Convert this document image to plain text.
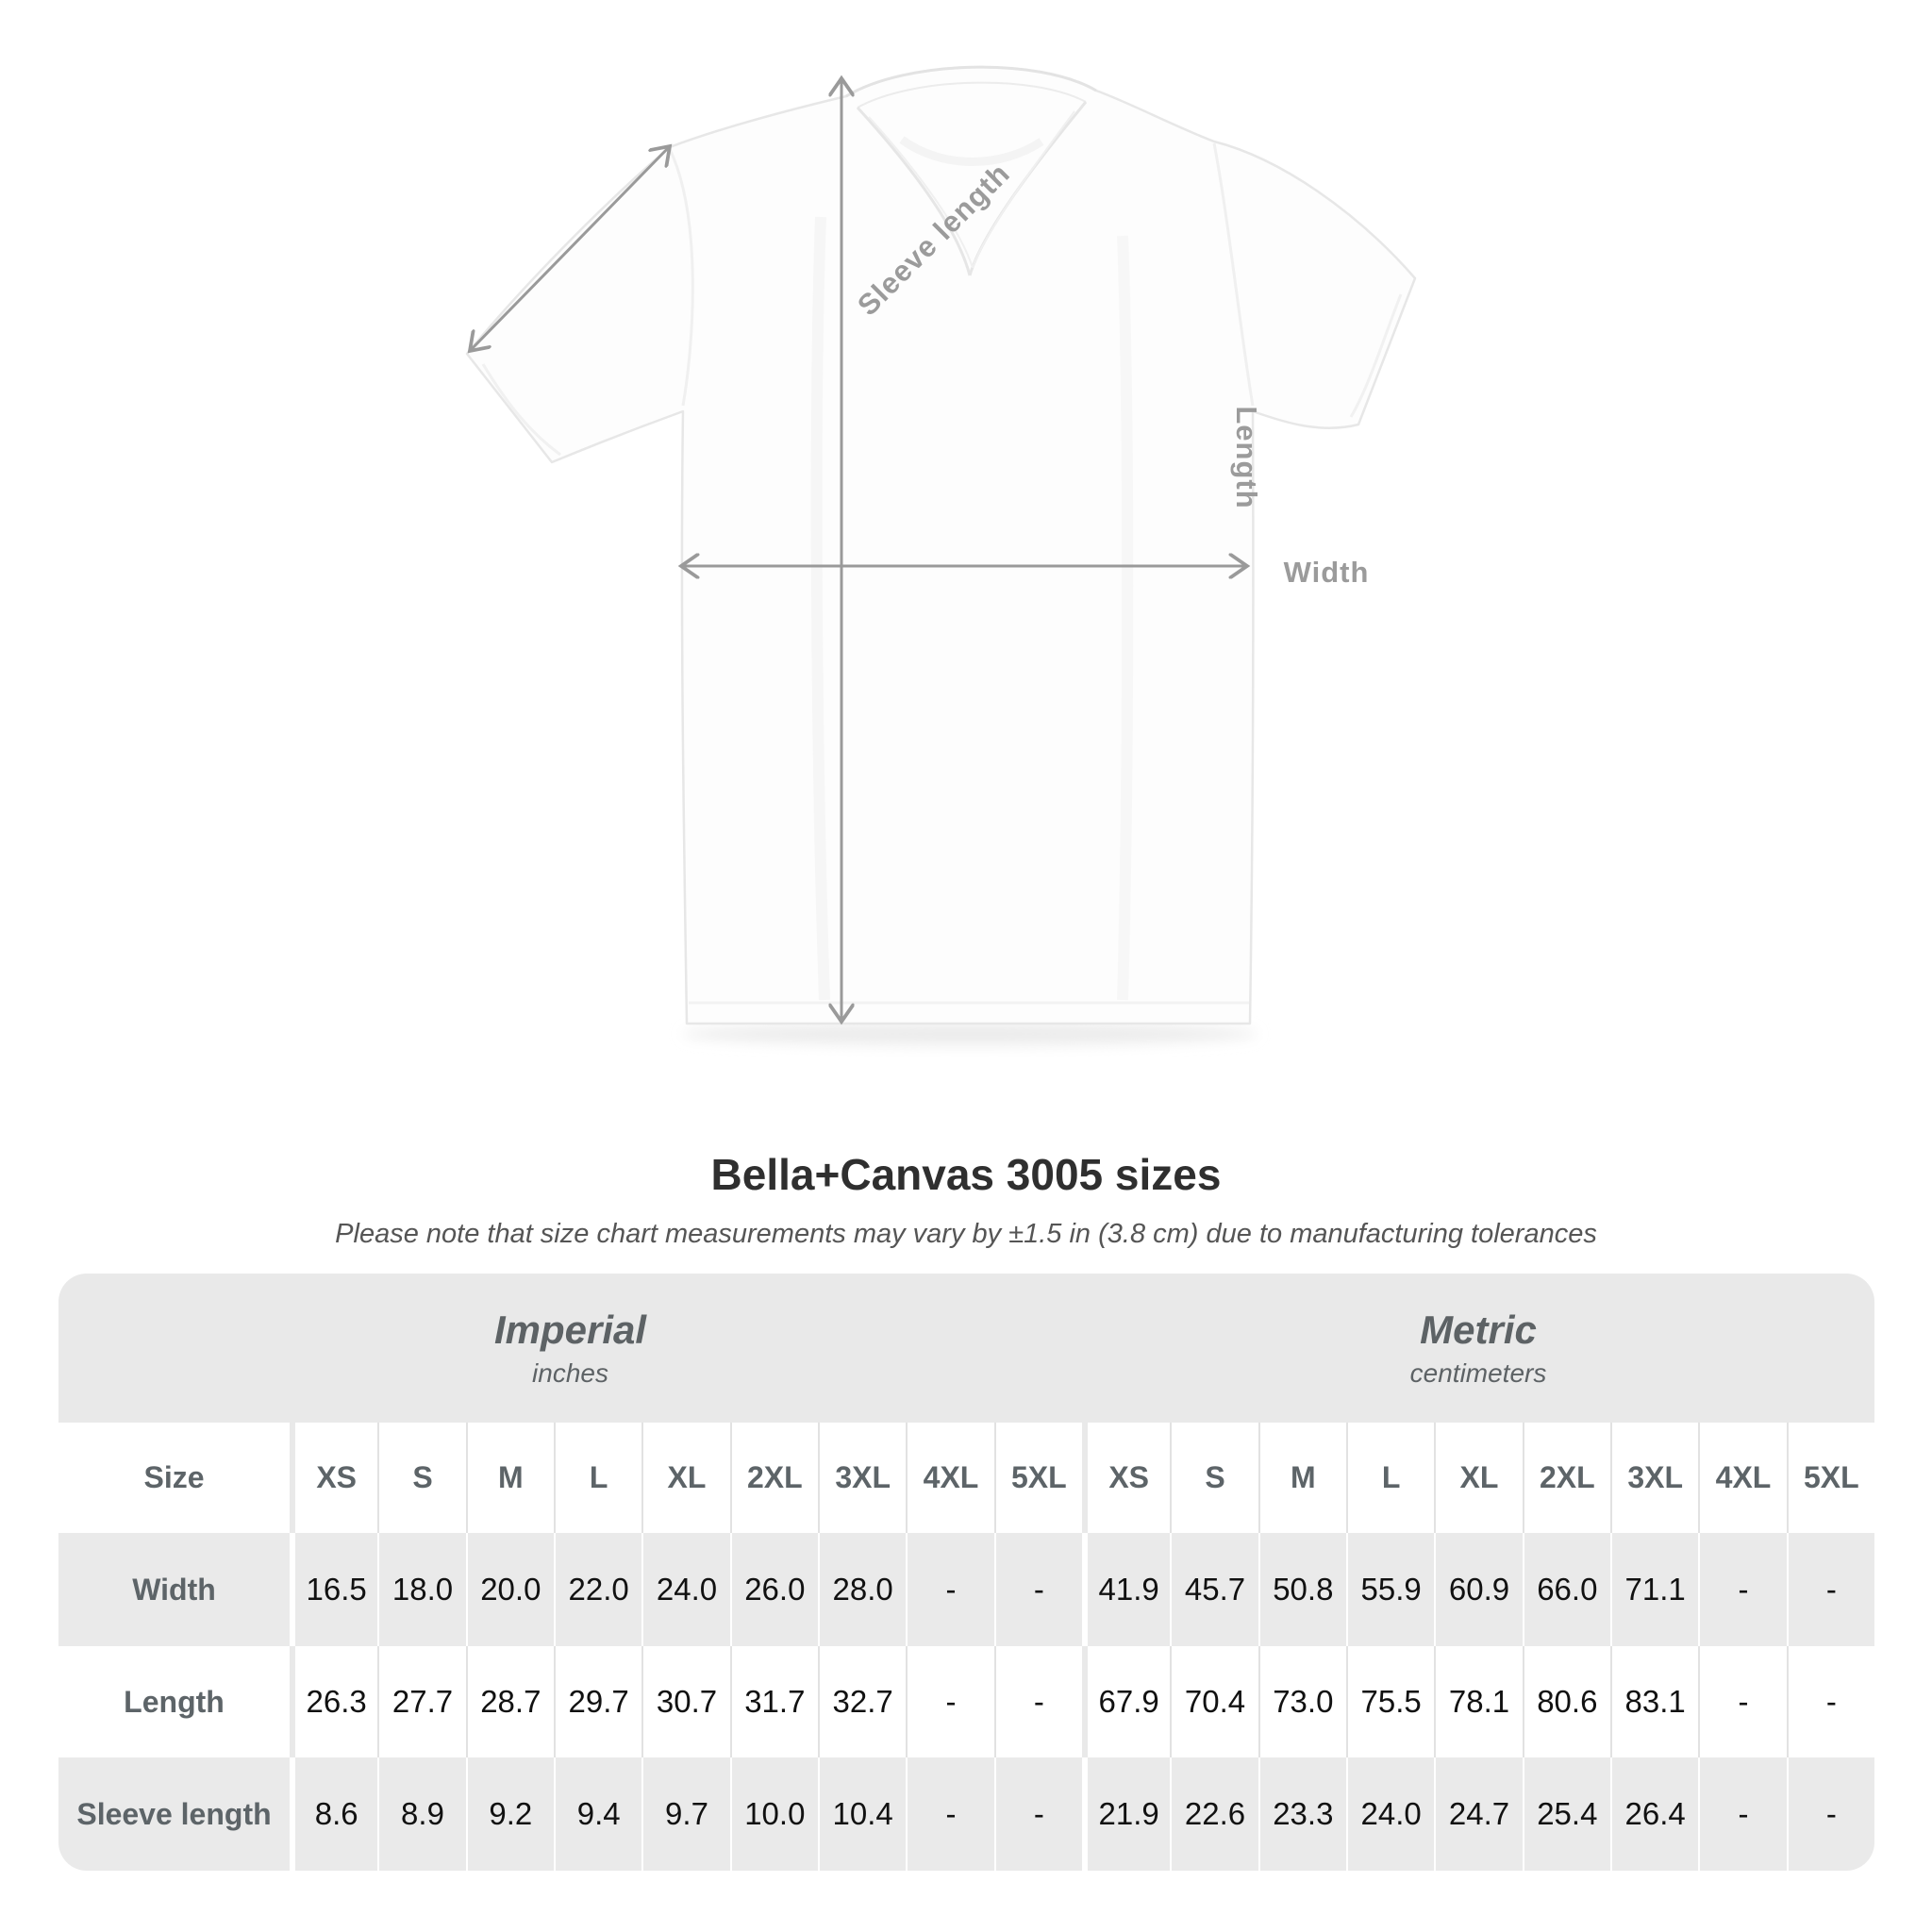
Sleeve length
Length
Width
Bella+Canvas 3005 sizes
Please note that size chart measurements may vary by ±1.5 in (3.8 cm) due to manufacturing tolerances
Imperial
inches
Metric
centimeters
Size	XS	S	M	L	XL	2XL	3XL	4XL	5XL	XS	S	M	L	XL	2XL	3XL	4XL	5XL
Width	16.5 18.0 20.0 22.0 24.0 26.0 28.0	-	-	41.9 45.7 50.8 55.9 60.9 66.0 71.1	-	-
Length	26.3 27.7 28.7 29.7 30.7 31.7 32.7	-	-	67.9 70.4 73.0 75.5 78.1 80.6 83.1	-	-
Sleeve length	8.6	8.9	9.2	9.4	9.7	10.0 10.4	-	-	21.9 22.6 23.3 24.0 24.7 25.4 26.4	-	-
